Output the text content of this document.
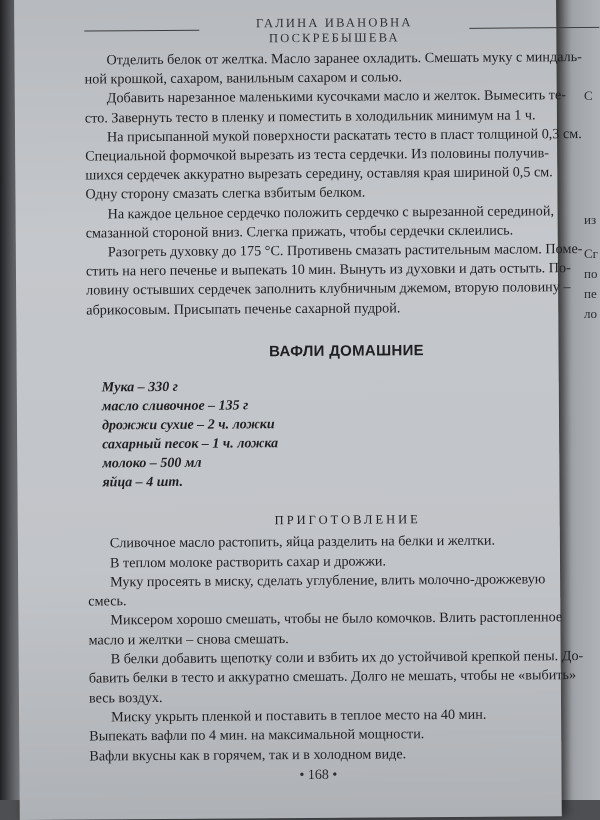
С
из
Сг
по
пе
ло
ГАЛИНА ИВАНОВНА ПОСКРЕБЫШЕВА

Отделить белок от желтка. Масло заранее охладить. Смешать муку с миндаль-

ной крошкой, сахаром, ванильным сахаром и солью.

Добавить нарезанное маленькими кусочками масло и желток. Вымесить те-

сто. Завернуть тесто в пленку и поместить в холодильник минимум на 1 ч.

На присыпанной мукой поверхности раскатать тесто в пласт толщиной 0,3 см.

Специальной формочкой вырезать из теста сердечки. Из половины получив-

шихся сердечек аккуратно вырезать середину, оставляя края шириной 0,5 см.

Одну сторону смазать слегка взбитым белком.

На каждое цельное сердечко положить сердечко с вырезанной серединой,

смазанной стороной вниз. Слегка прижать, чтобы сердечки склеились.

Разогреть духовку до 175 °С. Противень смазать растительным маслом. Поме-

стить на него печенье и выпекать 10 мин. Вынуть из духовки и дать остыть. По-

ловину остывших сердечек заполнить клубничным джемом, вторую половину –

абрикосовым. Присыпать печенье сахарной пудрой.

ВАФЛИ ДОМАШНИЕ

Мука – 330 г

масло сливочное – 135 г

дрожжи сухие – 2 ч. ложки

сахарный песок – 1 ч. ложка

молоко – 500 мл

яйца – 4 шт.

ПРИГОТОВЛЕНИЕ

Сливочное масло растопить, яйца разделить на белки и желтки.

В теплом молоке растворить сахар и дрожжи.

Муку просеять в миску, сделать углубление, влить молочно-дрожжевую

смесь.

Миксером хорошо смешать, чтобы не было комочков. Влить растопленное

масло и желтки – снова смешать.

В белки добавить щепотку соли и взбить их до устойчивой крепкой пены. До-

бавить белки в тесто и аккуратно смешать. Долго не мешать, чтобы не «выбить»

весь воздух.

Миску укрыть пленкой и поставить в теплое место на 40 мин.

Выпекать вафли по 4 мин. на максимальной мощности.

Вафли вкусны как в горячем, так и в холодном виде.

• 168 •
